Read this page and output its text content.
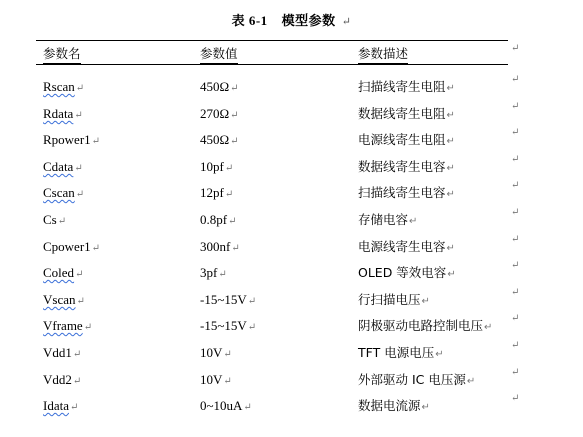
表 6-1 模型参数 ↵
参数名	参数值	参数描述	↵
Rscan↵	450Ω↵	扫描线寄生电阻↵
↵
Rdata↵	270Ω↵	数据线寄生电阻↵
↵
Rpower1↵	450Ω↵	电源线寄生电阻↵
↵
Cdata↵	10pf↵	数据线寄生电容↵
↵
Cscan↵	12pf↵	扫描线寄生电容↵
↵
Cs↵	0.8pf↵	存储电容↵
↵
Cpower1↵	300nf↵	电源线寄生电容↵
↵
Coled↵	3pf↵	OLED 等效电容↵
↵
Vscan↵	-15~15V↵	行扫描电压↵
↵
Vframe↵	-15~15V↵	阴极驱动电路控制电压↵
↵
Vdd1↵	10V↵	TFT 电源电压↵
↵
Vdd2↵	10V↵	外部驱动 IC 电压源↵
↵
Idata↵	0~10uA↵	数据电流源↵
↵
